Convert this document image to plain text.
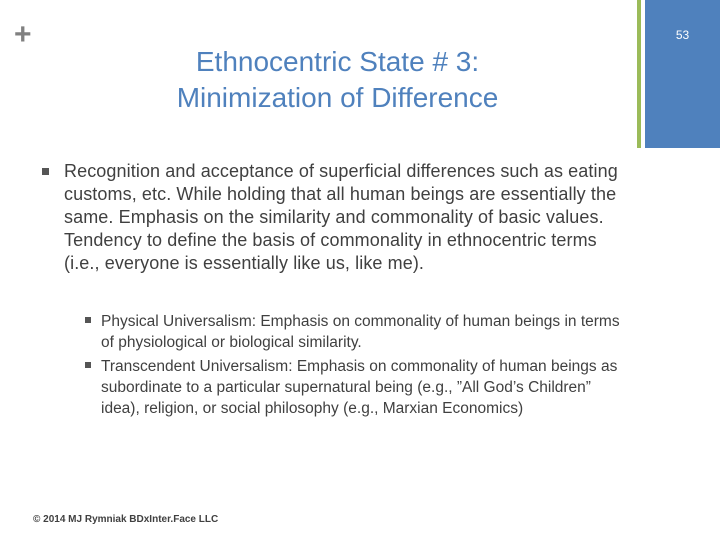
+	53
Ethnocentric State # 3:
Minimization of Difference
Recognition and acceptance of superficial differences such as eating customs, etc. While holding that all human beings are essentially the same. Emphasis on the similarity and commonality of basic values. Tendency to define the basis of commonality in ethnocentric terms (i.e., everyone is essentially like us, like me).
Physical Universalism: Emphasis on commonality of human beings in terms of physiological or biological similarity.
Transcendent Universalism: Emphasis on commonality of human beings as subordinate to a particular supernatural being (e.g., ”All God’s Children” idea), religion, or social philosophy (e.g., Marxian Economics)
© 2014 MJ Rymniak BDxInter.Face LLC
